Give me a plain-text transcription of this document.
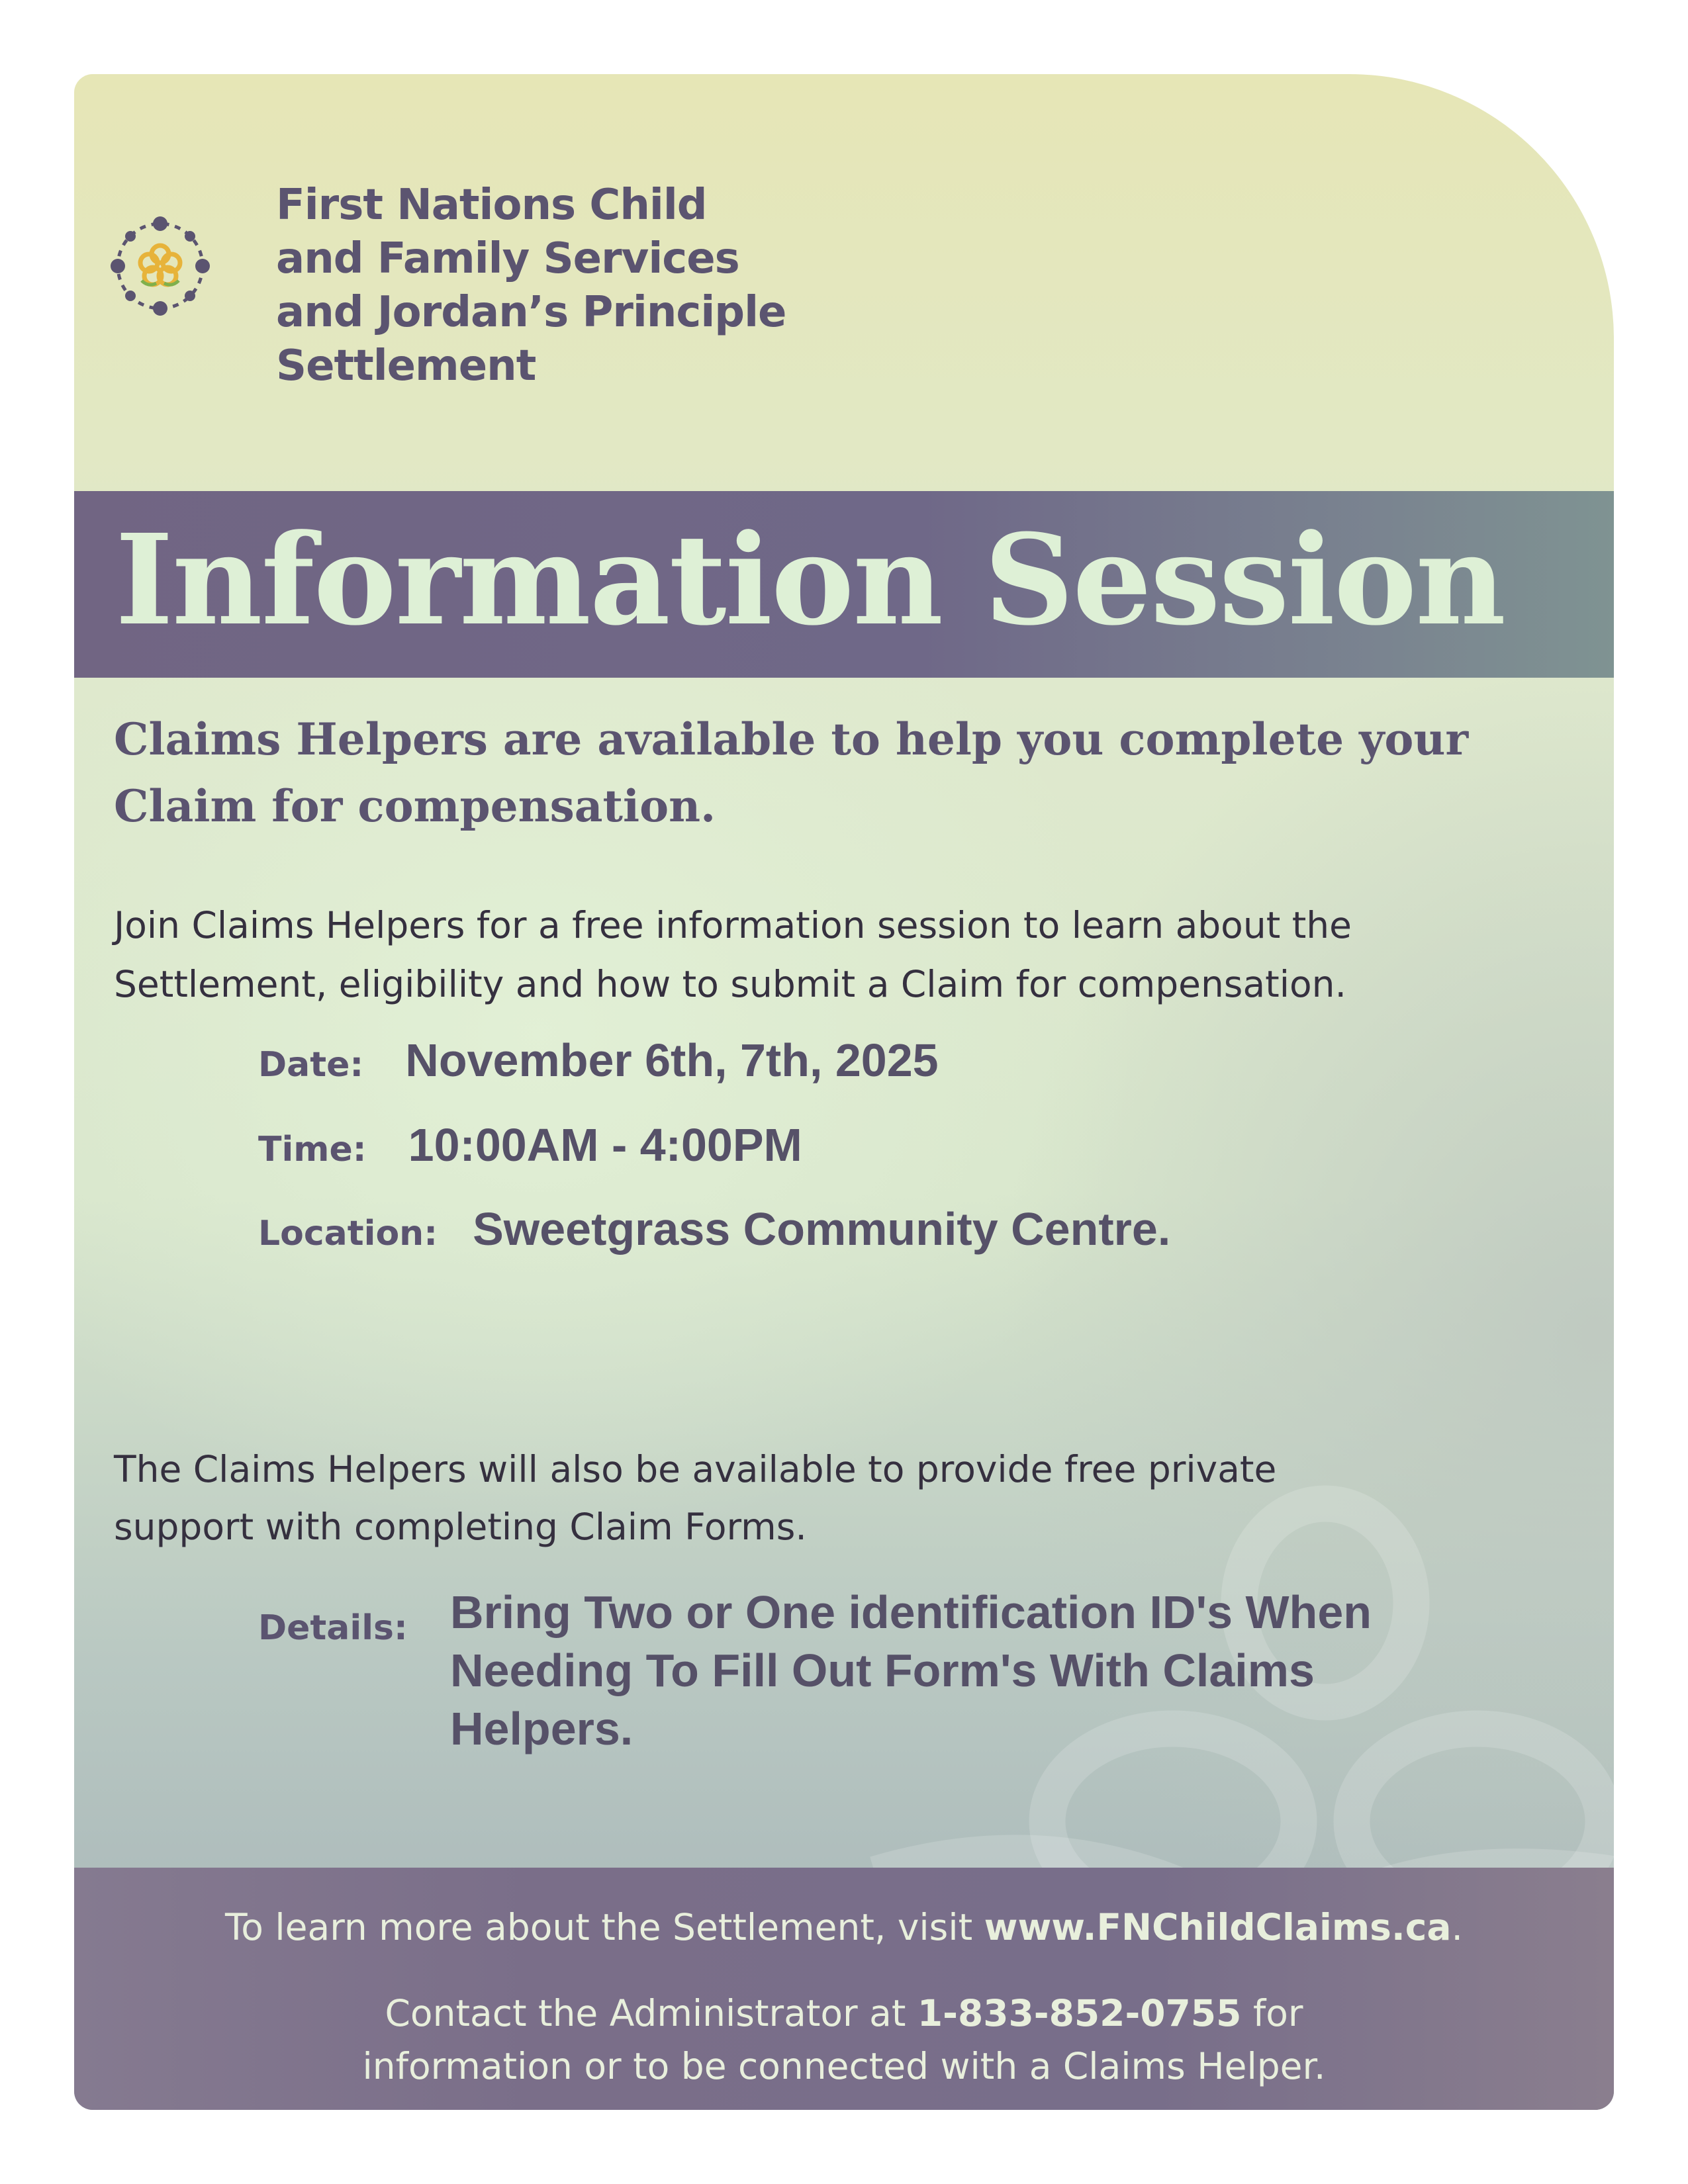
First Nations Child
and Family Services
and Jordan’s Principle
Settlement

Information Session

Claims Helpers are available to help you complete your
Claim for compensation.

Join Claims Helpers for a free information session to learn about the
Settlement, eligibility and how to submit a Claim for compensation.

Date: November 6th, 7th, 2025
Time: 10:00AM - 4:00PM
Location: Sweetgrass Community Centre.

The Claims Helpers will also be available to provide free private
support with completing Claim Forms.

Details: Bring Two or One identification ID's When
Needing To Fill Out Form's With Claims
Helpers.

To learn more about the Settlement, visit www.FNChildClaims.ca.

Contact the Administrator at 1-833-852-0755 for
information or to be connected with a Claims Helper.
